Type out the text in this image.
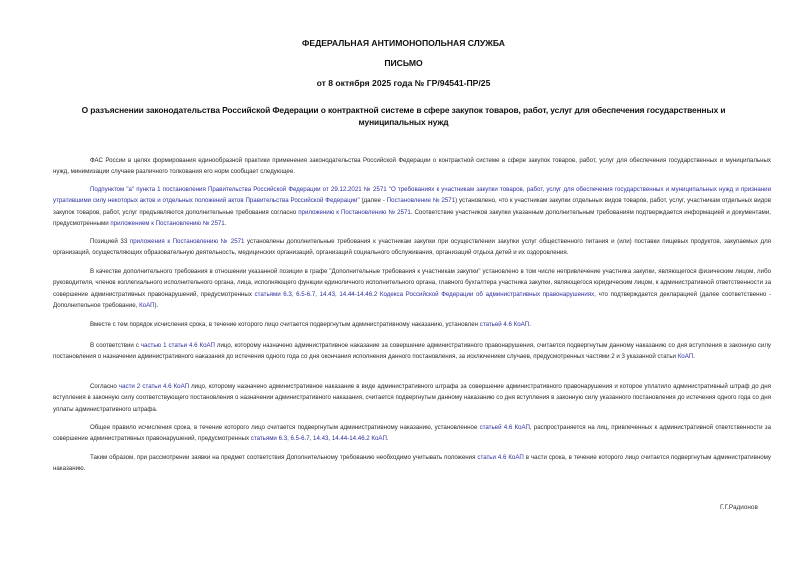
ФЕДЕРАЛЬНАЯ АНТИМОНОПОЛЬНАЯ СЛУЖБА
ПИСЬМО
от 8 октября 2025 года № ГР/94541-ПР/25
О разъяснении законодательства Российской Федерации о контрактной системе в сфере закупок товаров, работ, услуг для обеспечения государственных и муниципальных нужд
ФАС России в целях формирования единообразной практики применения законодательства Российской Федерации о контрактной системе в сфере закупок товаров, работ, услуг для обеспечения государственных и муниципальных нужд, минимизации случаев различного толкования его норм сообщает следующее.
Подпунктом "а" пункта 1 постановления Правительства Российской Федерации от 29.12.2021 № 2571 "О требованиях к участникам закупки товаров, работ, услуг для обеспечения государственных и муниципальных нужд и признании утратившими силу некоторых актов и отдельных положений актов Правительства Российской Федерации" (далее - Постановление № 2571) установлено, что к участникам закупки отдельных видов товаров, работ, услуг, участникам отдельных видов закупок товаров, работ, услуг предъявляются дополнительные требования согласно приложению к Постановлению № 2571. Соответствие участников закупки указанным дополнительным требованиям подтверждается информацией и документами, предусмотренными приложением к Постановлению № 2571.
Позицией 33 приложения к Постановлению № 2571 установлены дополнительные требования к участникам закупки при осуществлении закупки услуг общественного питания и (или) поставки пищевых продуктов, закупаемых для организаций, осуществляющих образовательную деятельность, медицинских организаций, организаций социального обслуживания, организаций отдыха детей и их оздоровления.
В качестве дополнительного требования в отношении указанной позиции в графе "Дополнительные требования к участникам закупки" установлено в том числе непривлечение участника закупки, являющегося физическим лицом, либо руководителя, членов коллегиального исполнительного органа, лица, исполняющего функции единоличного исполнительного органа, главного бухгалтера участника закупки, являющегося юридическим лицом, к административной ответственности за совершение административных правонарушений, предусмотренных статьями 6.3, 6.5-6.7, 14.43, 14.44-14.46.2 Кодекса Российской Федерации об административных правонарушениях, что подтверждается декларацией (далее соответственно - Дополнительное требование, КоАП).
Вместе с тем порядок исчисления срока, в течение которого лицо считается подвергнутым административному наказанию, установлен статьей 4.6 КоАП.
В соответствии с частью 1 статьи 4.6 КоАП лицо, которому назначено административное наказание за совершение административного правонарушения, считается подвергнутым данному наказанию со дня вступления в законную силу постановления о назначении административного наказания до истечения одного года со дня окончания исполнения данного постановления, за исключением случаев, предусмотренных частями 2 и 3 указанной статьи КоАП.
Согласно части 2 статьи 4.6 КоАП лицо, которому назначено административное наказание в виде административного штрафа за совершение административного правонарушения и которое уплатило административный штраф до дня вступления в законную силу соответствующего постановления о назначении административного наказания, считается подвергнутым данному наказанию со дня вступления в законную силу указанного постановления до истечения одного года со дня уплаты административного штрафа.
Общее правило исчисления срока, в течение которого лицо считается подвергнутым административному наказанию, установленное статьей 4.6 КоАП, распространяется на лиц, привлеченных к административной ответственности за совершение административных правонарушений, предусмотренных статьями 6.3, 6.5-6.7, 14.43, 14.44-14.46.2 КоАП.
Таким образом, при рассмотрении заявки на предмет соответствия Дополнительному требованию необходимо учитывать положения статьи 4.6 КоАП в части срока, в течение которого лицо считается подвергнутым административному наказанию.
Г.Г.Радионов
